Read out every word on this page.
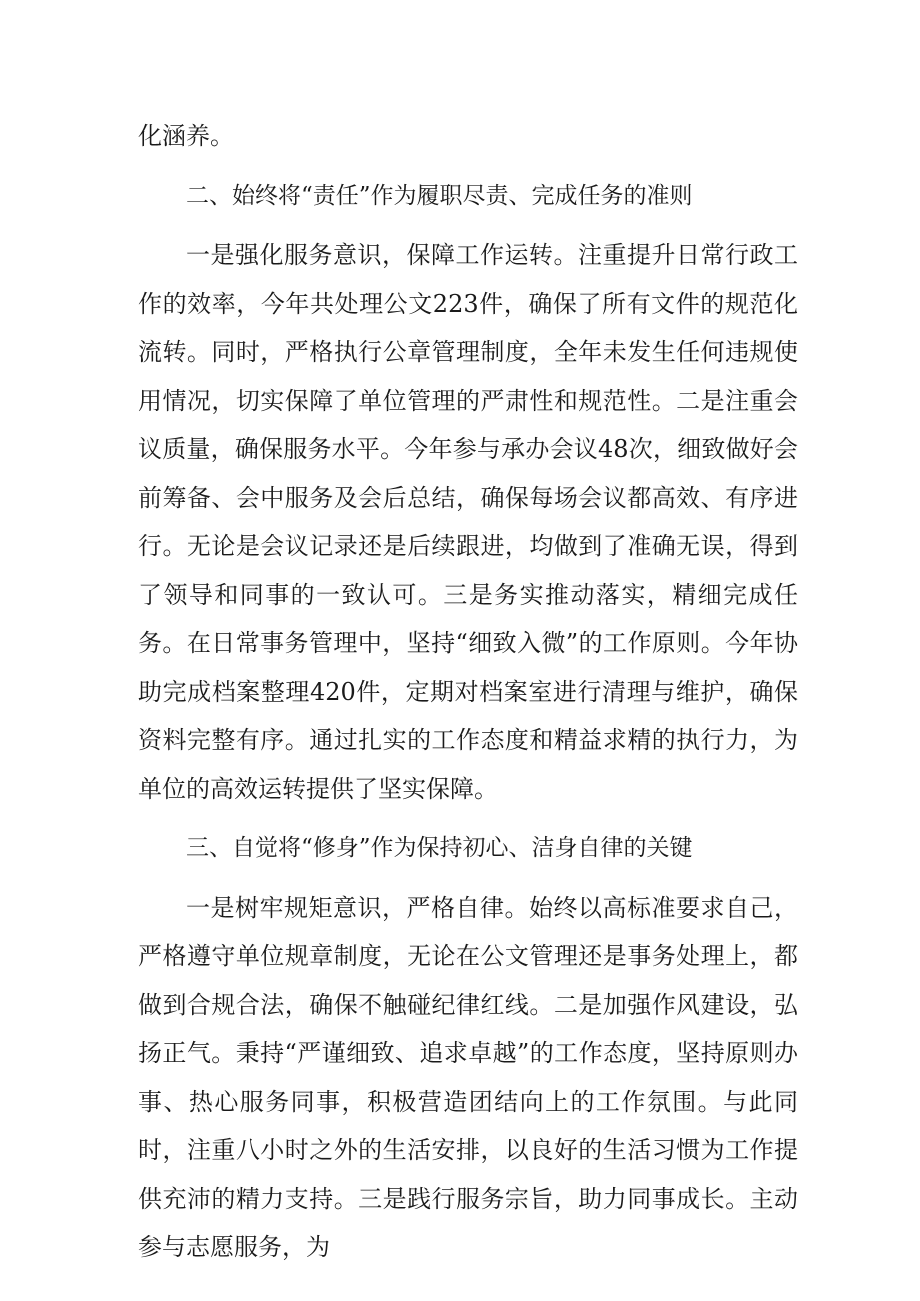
化涵养。

二、始终将“责任”作为履职尽责、完成任务的准则

一是强化服务意识，保障工作运转。注重提升日常行政工作的效率，今年共处理公文223件，确保了所有文件的规范化流转。同时，严格执行公章管理制度，全年未发生任何违规使用情况，切实保障了单位管理的严肃性和规范性。二是注重会议质量，确保服务水平。今年参与承办会议48次，细致做好会前筹备、会中服务及会后总结，确保每场会议都高效、有序进行。无论是会议记录还是后续跟进，均做到了准确无误，得到了领导和同事的一致认可。三是务实推动落实，精细完成任务。在日常事务管理中，坚持“细致入微”的工作原则。今年协助完成档案整理420件，定期对档案室进行清理与维护，确保资料完整有序。通过扎实的工作态度和精益求精的执行力，为单位的高效运转提供了坚实保障。

三、自觉将“修身”作为保持初心、洁身自律的关键

一是树牢规矩意识，严格自律。始终以高标准要求自己，严格遵守单位规章制度，无论在公文管理还是事务处理上，都做到合规合法，确保不触碰纪律红线。二是加强作风建设，弘扬正气。秉持“严谨细致、追求卓越”的工作态度，坚持原则办事、热心服务同事，积极营造团结向上的工作氛围。与此同时，注重八小时之外的生活安排，以良好的生活习惯为工作提供充沛的精力支持。三是践行服务宗旨，助力同事成长。主动参与志愿服务，为
